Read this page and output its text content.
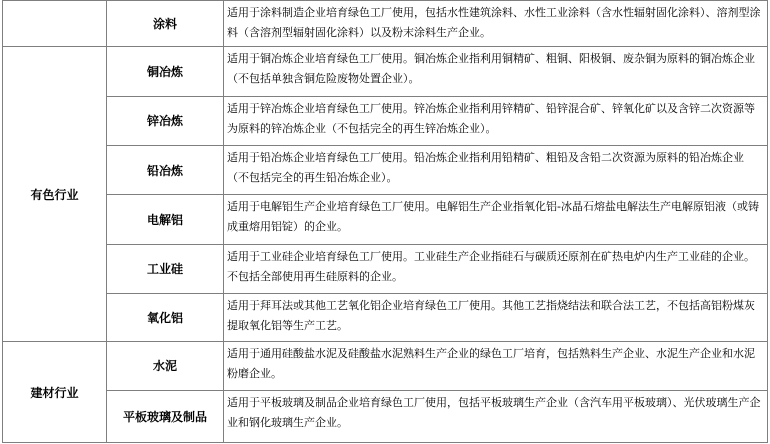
	涂料	适用于涂料制造企业培育绿色工厂使用，包括水性建筑涂料、水性工业涂料（含水性辐射固化涂料）、溶剂型涂料（含溶剂型辐射固化涂料）以及粉末涂料生产企业。
有色行业	铜冶炼	适用于铜冶炼企业培育绿色工厂使用。铜冶炼企业指利用铜精矿、粗铜、阳极铜、废杂铜为原料的铜冶炼企业（不包括单独含铜危险废物处置企业）。
	锌冶炼	适用于锌冶炼企业培育绿色工厂使用。锌冶炼企业指利用锌精矿、铅锌混合矿、锌氧化矿以及含锌二次资源等为原料的锌冶炼企业（不包括完全的再生锌冶炼企业）。
	铅冶炼	适用于铅冶炼企业培育绿色工厂使用。铅冶炼企业指利用铅精矿、粗铅及含铅二次资源为原料的铅冶炼企业（不包括完全的再生铅冶炼企业）。
	电解铝	适用于电解铝生产企业培育绿色工厂使用。电解铝生产企业指氧化铝-冰晶石熔盐电解法生产电解原铝液（或铸成重熔用铝锭）的企业。
	工业硅	适用于工业硅企业培育绿色工厂使用。工业硅生产企业指硅石与碳质还原剂在矿热电炉内生产工业硅的企业。不包括全部使用再生硅原料的企业。
	氧化铝	适用于拜耳法或其他工艺氧化铝企业培育绿色工厂使用。其他工艺指烧结法和联合法工艺，不包括高铝粉煤灰提取氧化铝等生产工艺。
建材行业	水泥	适用于通用硅酸盐水泥及硅酸盐水泥熟料生产企业的绿色工厂培育，包括熟料生产企业、水泥生产企业和水泥粉磨企业。
	平板玻璃及制品	适用于平板玻璃及制品企业培育绿色工厂使用，包括平板玻璃生产企业（含汽车用平板玻璃）、光伏玻璃生产企业和钢化玻璃生产企业。
